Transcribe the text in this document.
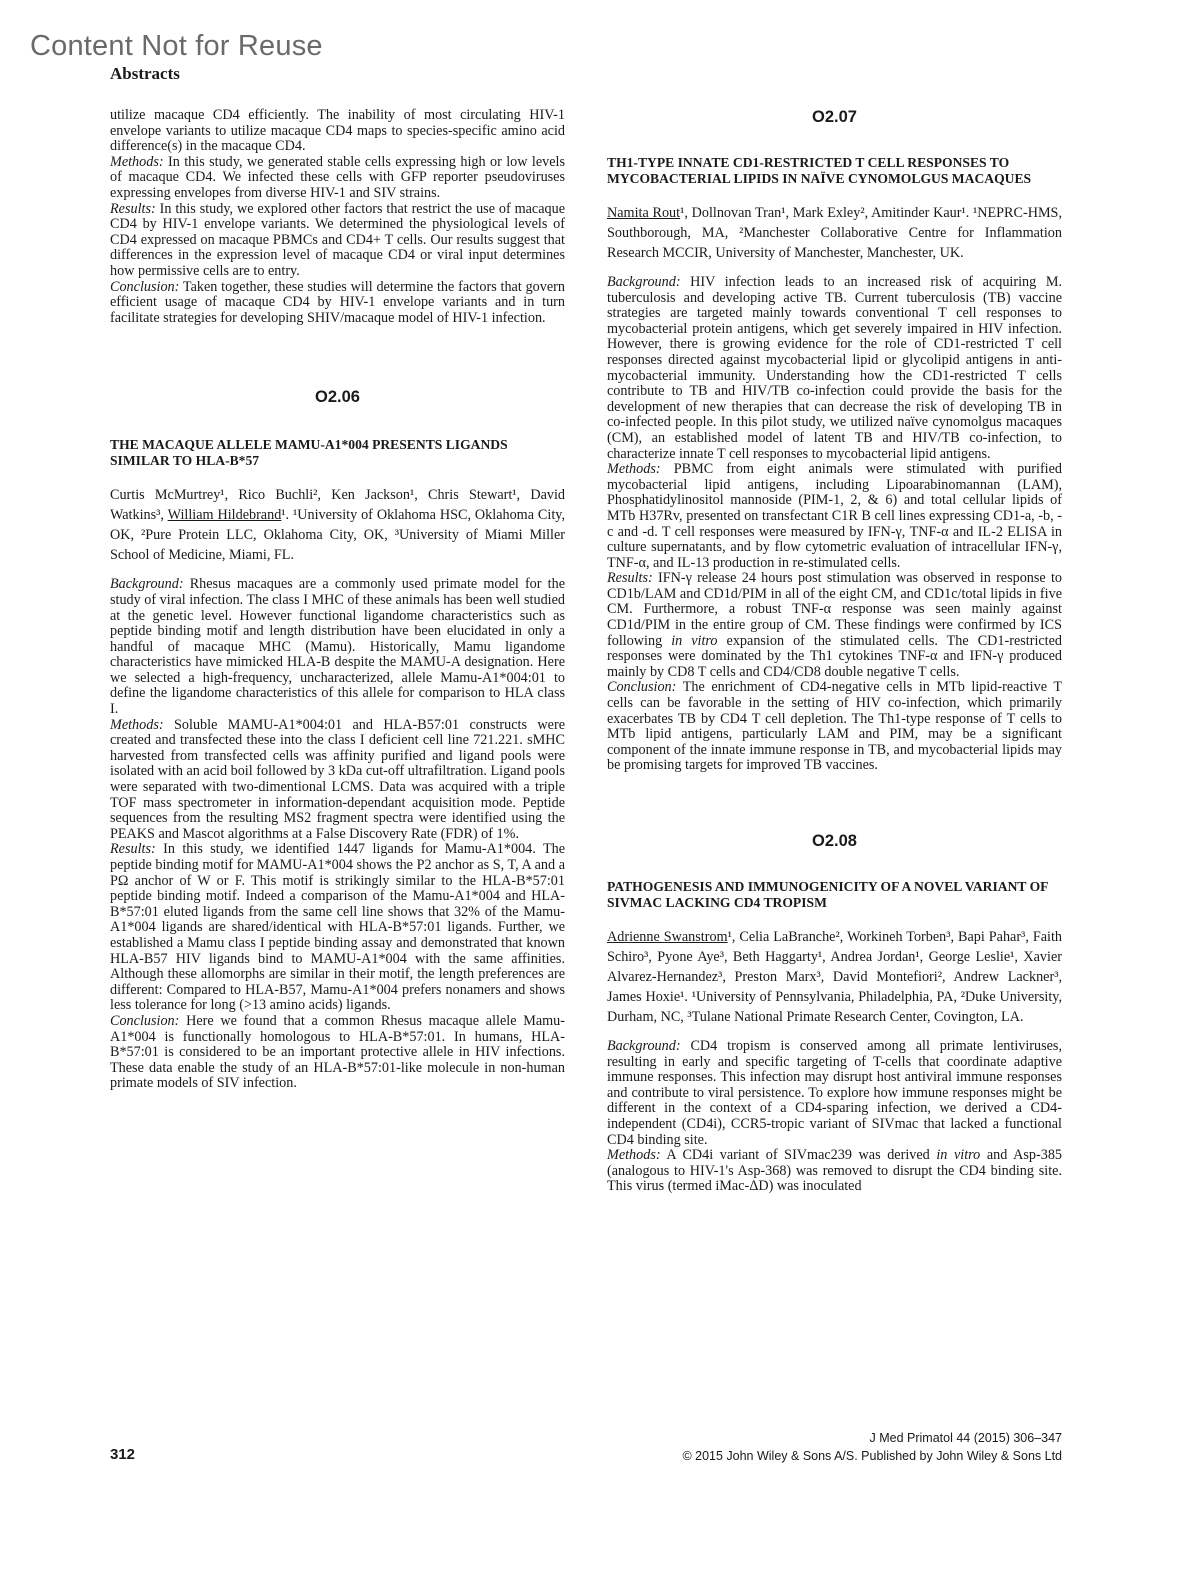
Content Not for Reuse
Abstracts

utilize macaque CD4 efficiently. The inability of most circulating HIV-1 envelope variants to utilize macaque CD4 maps to species-specific amino acid difference(s) in the macaque CD4.
Methods: In this study, we generated stable cells expressing high or low levels of macaque CD4. We infected these cells with GFP reporter pseudoviruses expressing envelopes from diverse HIV-1 and SIV strains.
Results: In this study, we explored other factors that restrict the use of macaque CD4 by HIV-1 envelope variants. We determined the physiological levels of CD4 expressed on macaque PBMCs and CD4+ T cells. Our results suggest that differences in the expression level of macaque CD4 or viral input determines how permissive cells are to entry.
Conclusion: Taken together, these studies will determine the factors that govern efficient usage of macaque CD4 by HIV-1 envelope variants and in turn facilitate strategies for developing SHIV/macaque model of HIV-1 infection.

O2.06

THE MACAQUE ALLELE MAMU-A1*004 PRESENTS LIGANDS SIMILAR TO HLA-B*57

Curtis McMurtrey¹, Rico Buchli², Ken Jackson¹, Chris Stewart¹, David Watkins³, William Hildebrand¹. ¹University of Oklahoma HSC, Oklahoma City, OK, ²Pure Protein LLC, Oklahoma City, OK, ³University of Miami Miller School of Medicine, Miami, FL.

Background: Rhesus macaques are a commonly used primate model for the study of viral infection. The class I MHC of these animals has been well studied at the genetic level. However functional ligandome characteristics such as peptide binding motif and length distribution have been elucidated in only a handful of macaque MHC (Mamu). Historically, Mamu ligandome characteristics have mimicked HLA-B despite the MAMU-A designation. Here we selected a high-frequency, uncharacterized, allele Mamu-A1*004:01 to define the ligandome characteristics of this allele for comparison to HLA class I.
Methods: Soluble MAMU-A1*004:01 and HLA-B57:01 constructs were created and transfected these into the class I deficient cell line 721.221. sMHC harvested from transfected cells was affinity purified and ligand pools were isolated with an acid boil followed by 3 kDa cut-off ultrafiltration. Ligand pools were separated with two-dimentional LCMS. Data was acquired with a triple TOF mass spectrometer in information-dependant acquisition mode. Peptide sequences from the resulting MS2 fragment spectra were identified using the PEAKS and Mascot algorithms at a False Discovery Rate (FDR) of 1%.
Results: In this study, we identified 1447 ligands for Mamu-A1*004. The peptide binding motif for MAMU-A1*004 shows the P2 anchor as S, T, A and a PΩ anchor of W or F. This motif is strikingly similar to the HLA-B*57:01 peptide binding motif. Indeed a comparison of the Mamu-A1*004 and HLA-B*57:01 eluted ligands from the same cell line shows that 32% of the Mamu-A1*004 ligands are shared/identical with HLA-B*57:01 ligands. Further, we established a Mamu class I peptide binding assay and demonstrated that known HLA-B57 HIV ligands bind to MAMU-A1*004 with the same affinities. Although these allomorphs are similar in their motif, the length preferences are different: Compared to HLA-B57, Mamu-A1*004 prefers nonamers and shows less tolerance for long (>13 amino acids) ligands.
Conclusion: Here we found that a common Rhesus macaque allele Mamu-A1*004 is functionally homologous to HLA-B*57:01. In humans, HLA-B*57:01 is considered to be an important protective allele in HIV infections. These data enable the study of an HLA-B*57:01-like molecule in non-human primate models of SIV infection.

O2.07

TH1-TYPE INNATE CD1-RESTRICTED T CELL RESPONSES TO MYCOBACTERIAL LIPIDS IN NAÏVE CYNOMOLGUS MACAQUES

Namita Rout¹, Dollnovan Tran¹, Mark Exley², Amitinder Kaur¹. ¹NEPRC-HMS, Southborough, MA, ²Manchester Collaborative Centre for Inflammation Research MCCIR, University of Manchester, Manchester, UK.

Background: HIV infection leads to an increased risk of acquiring M. tuberculosis and developing active TB. Current tuberculosis (TB) vaccine strategies are targeted mainly towards conventional T cell responses to mycobacterial protein antigens, which get severely impaired in HIV infection. However, there is growing evidence for the role of CD1-restricted T cell responses directed against mycobacterial lipid or glycolipid antigens in anti-mycobacterial immunity. Understanding how the CD1-restricted T cells contribute to TB and HIV/TB co-infection could provide the basis for the development of new therapies that can decrease the risk of developing TB in co-infected people. In this pilot study, we utilized naïve cynomolgus macaques (CM), an established model of latent TB and HIV/TB co-infection, to characterize innate T cell responses to mycobacterial lipid antigens.
Methods: PBMC from eight animals were stimulated with purified mycobacterial lipid antigens, including Lipoarabinomannan (LAM), Phosphatidylinositol mannoside (PIM-1, 2, & 6) and total cellular lipids of MTb H37Rv, presented on transfectant C1R B cell lines expressing CD1-a, -b, -c and -d. T cell responses were measured by IFN-γ, TNF-α and IL-2 ELISA in culture supernatants, and by flow cytometric evaluation of intracellular IFN-γ, TNF-α, and IL-13 production in re-stimulated cells.
Results: IFN-γ release 24 hours post stimulation was observed in response to CD1b/LAM and CD1d/PIM in all of the eight CM, and CD1c/total lipids in five CM. Furthermore, a robust TNF-α response was seen mainly against CD1d/PIM in the entire group of CM. These findings were confirmed by ICS following in vitro expansion of the stimulated cells. The CD1-restricted responses were dominated by the Th1 cytokines TNF-α and IFN-γ produced mainly by CD8 T cells and CD4/CD8 double negative T cells.
Conclusion: The enrichment of CD4-negative cells in MTb lipid-reactive T cells can be favorable in the setting of HIV co-infection, which primarily exacerbates TB by CD4 T cell depletion. The Th1-type response of T cells to MTb lipid antigens, particularly LAM and PIM, may be a significant component of the innate immune response in TB, and mycobacterial lipids may be promising targets for improved TB vaccines.

O2.08

PATHOGENESIS AND IMMUNOGENICITY OF A NOVEL VARIANT OF SIVMAC LACKING CD4 TROPISM

Adrienne Swanstrom¹, Celia LaBranche², Workineh Torben³, Bapi Pahar³, Faith Schiro³, Pyone Aye³, Beth Haggarty¹, Andrea Jordan¹, George Leslie¹, Xavier Alvarez-Hernandez³, Preston Marx³, David Montefiori², Andrew Lackner³, James Hoxie¹. ¹University of Pennsylvania, Philadelphia, PA, ²Duke University, Durham, NC, ³Tulane National Primate Research Center, Covington, LA.

Background: CD4 tropism is conserved among all primate lentiviruses, resulting in early and specific targeting of T-cells that coordinate adaptive immune responses. This infection may disrupt host antiviral immune responses and contribute to viral persistence. To explore how immune responses might be different in the context of a CD4-sparing infection, we derived a CD4-independent (CD4i), CCR5-tropic variant of SIVmac that lacked a functional CD4 binding site.
Methods: A CD4i variant of SIVmac239 was derived in vitro and Asp-385 (analogous to HIV-1's Asp-368) was removed to disrupt the CD4 binding site. This virus (termed iMac-ΔD) was inoculated

312
J Med Primatol 44 (2015) 306–347
© 2015 John Wiley & Sons A/S. Published by John Wiley & Sons Ltd
